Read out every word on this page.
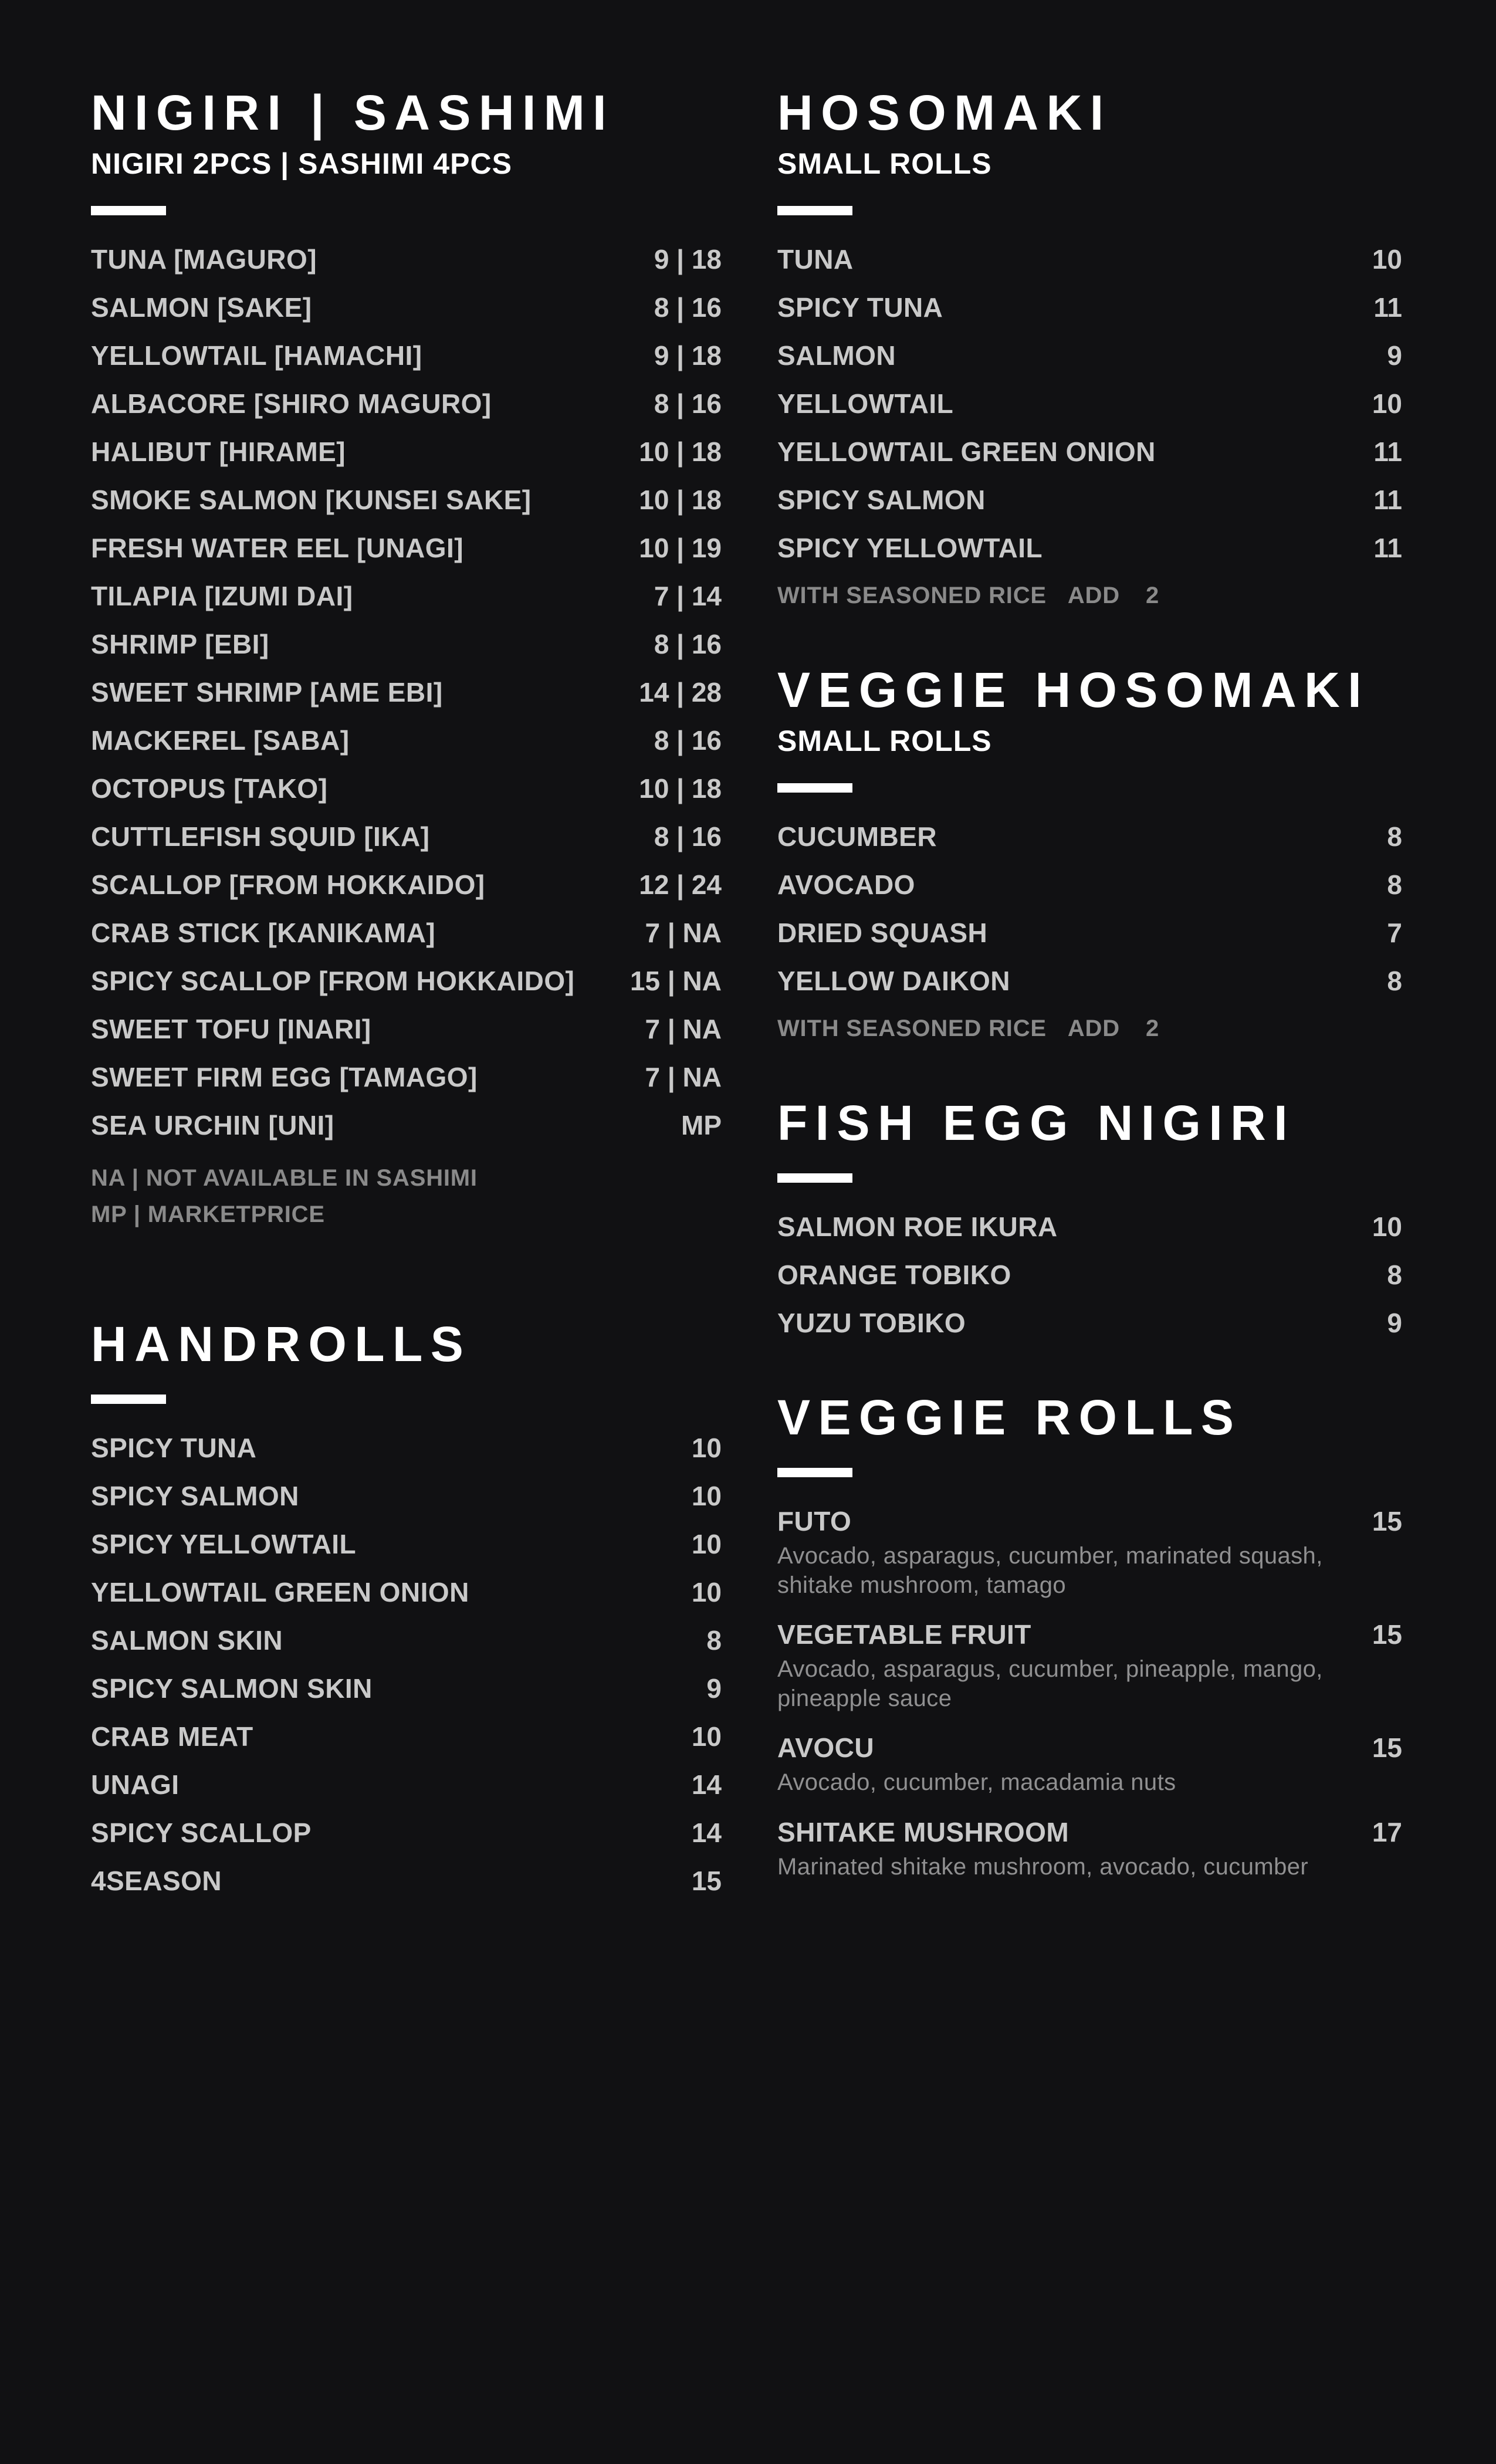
NIGIRI | SASHIMI
NIGIRI 2PCS | SASHIMI 4PCS
TUNA [MAGURO]	9 | 18
SALMON [SAKE]	8 | 16
YELLOWTAIL [HAMACHI]	9 | 18
ALBACORE [SHIRO MAGURO]	8 | 16
HALIBUT [HIRAME]	10 | 18
SMOKE SALMON [KUNSEI SAKE]	10 | 18
FRESH WATER EEL [UNAGI]	10 | 19
TILAPIA [IZUMI DAI]	7 | 14
SHRIMP [EBI]	8 | 16
SWEET SHRIMP [AME EBI]	14 | 28
MACKEREL [SABA]	8 | 16
OCTOPUS [TAKO]	10 | 18
CUTTLEFISH SQUID [IKA]	8 | 16
SCALLOP [FROM HOKKAIDO]	12 | 24
CRAB STICK [KANIKAMA]	7 | NA
SPICY SCALLOP [FROM HOKKAIDO] 15 | NA
SWEET TOFU [INARI]	7 | NA
SWEET FIRM EGG [TAMAGO]	7 | NA
SEA URCHIN [UNI]	MP
NA | NOT AVAILABLE IN SASHIMI
MP | MARKETPRICE
HANDROLLS
SPICY TUNA	10
SPICY SALMON	10
SPICY YELLOWTAIL	10
YELLOWTAIL GREEN ONION	10
SALMON SKIN	8
SPICY SALMON SKIN	9
CRAB MEAT	10
UNAGI	14
SPICY SCALLOP	14
4SEASON	15
HOSOMAKI
SMALL ROLLS
TUNA	10
SPICY TUNA	11
SALMON	9
YELLOWTAIL	10
YELLOWTAIL GREEN ONION	11
SPICY SALMON	11
SPICY YELLOWTAIL	11
WITH SEASONED RICE ADD 2
VEGGIE HOSOMAKI
SMALL ROLLS
CUCUMBER	8
AVOCADO	8
DRIED SQUASH	7
YELLOW DAIKON	8
WITH SEASONED RICE ADD 2
FISH EGG NIGIRI
SALMON ROE IKURA	10
ORANGE TOBIKO	8
YUZU TOBIKO	9
VEGGIE ROLLS
FUTO	15
Avocado, asparagus, cucumber, marinated squash, shitake mushroom, tamago
VEGETABLE FRUIT	15
Avocado, asparagus, cucumber, pineapple, mango, pineapple sauce
AVOCU	15
Avocado, cucumber, macadamia nuts
SHITAKE MUSHROOM	17
Marinated shitake mushroom, avocado, cucumber
